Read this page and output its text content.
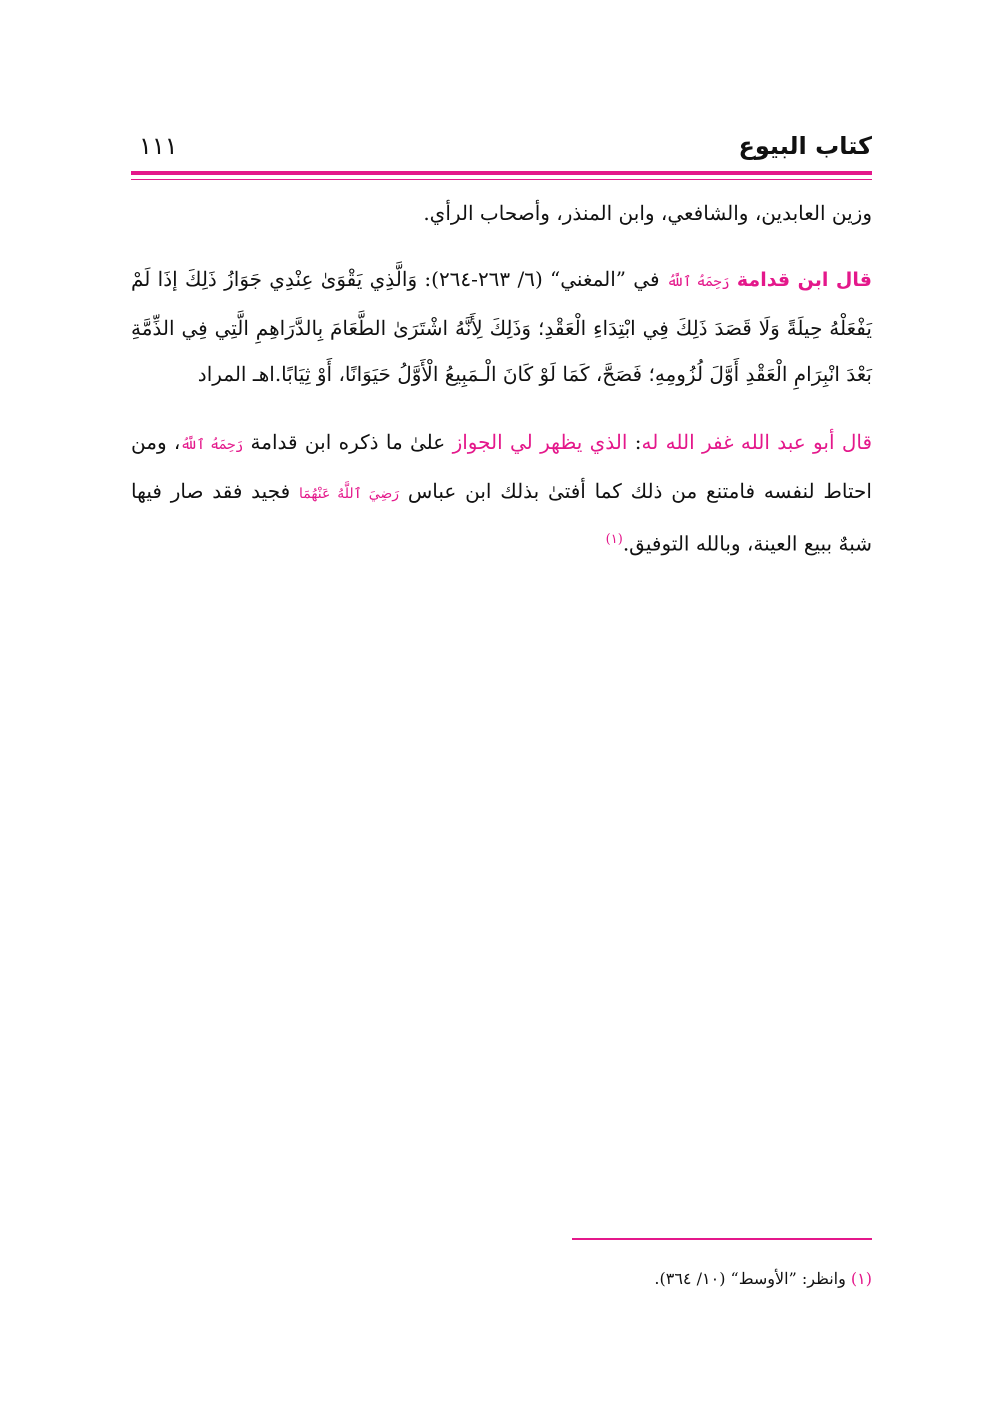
كتاب البيوع
١١١

وزين العابدين، والشافعي، وابن المنذر، وأصحاب الرأي.

قال ابن قدامة رَحِمَهُ ٱللَّهُ في ”المغني“ (٦/ ٢٦٣-٢٦٤): وَالَّذِي يَقْوَىٰ عِنْدِي جَوَازُ ذَلِكَ إذَا لَمْ يَفْعَلْهُ حِيلَةً وَلَا قَصَدَ ذَلِكَ فِي ابْتِدَاءِ الْعَقْدِ؛ وَذَلِكَ لِأَنَّهُ اشْتَرَىٰ الطَّعَامَ بِالدَّرَاهِمِ الَّتِي فِي الذِّمَّةِ بَعْدَ انْبِرَامِ الْعَقْدِ أَوَّلَ لُزُومِهِ؛ فَصَحَّ، كَمَا لَوْ كَانَ الْـمَبِيعُ الْأَوَّلُ حَيَوَانًا، أَوْ ثِيَابًا.اهـ المراد

قال أبو عبد الله غفر الله له: الذي يظهر لي الجواز علىٰ ما ذكره ابن قدامة رَحِمَهُ ٱللَّهُ، ومن احتاط لنفسه فامتنع من ذلك كما أفتىٰ بذلك ابن عباس رَضِيَ ٱللَّهُ عَنْهُمَا فجيد فقد صار فيها شبهٌ ببيع العينة، وبالله التوفيق.$^{(١)}$

(١) وانظر: ”الأوسط“ (١٠/ ٣٦٤).
